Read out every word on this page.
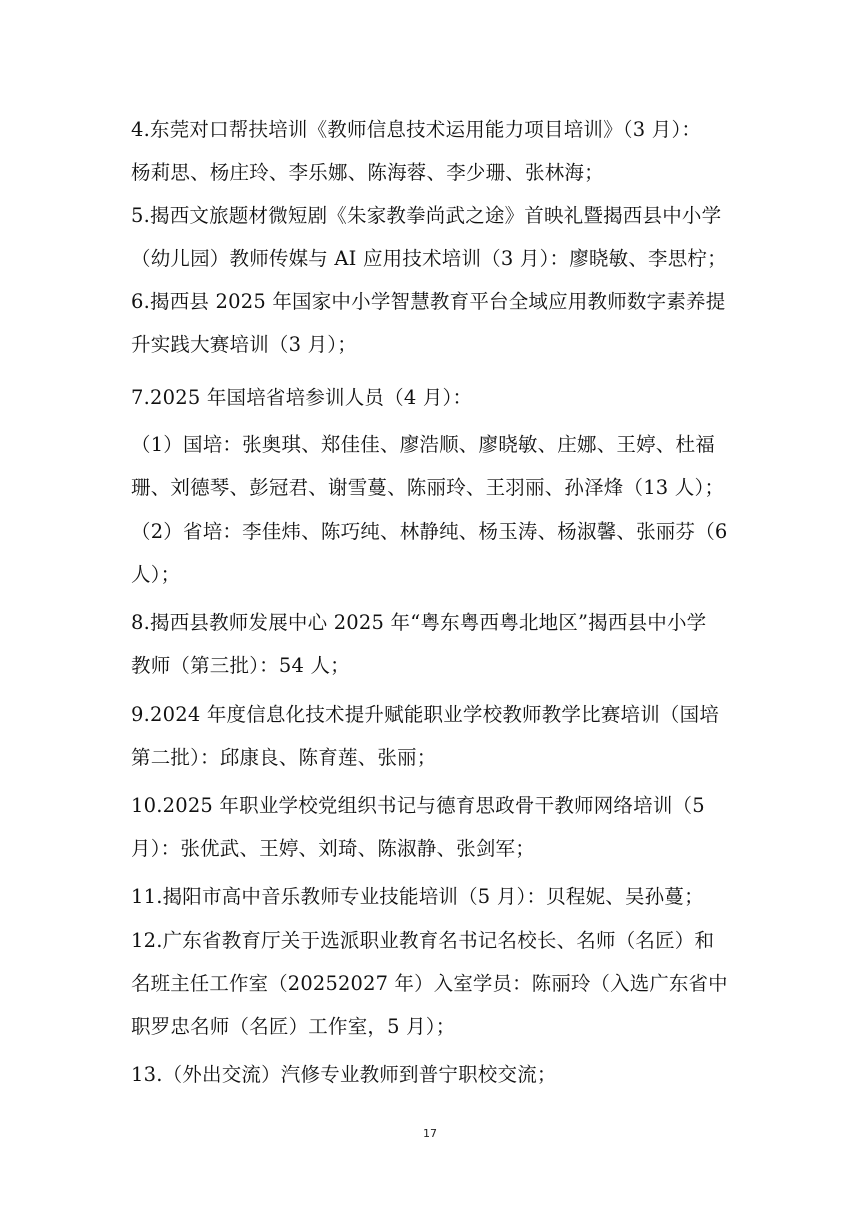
4.东莞对口帮扶培训《教师信息技术运用能力项目培训》（3 月）：
杨莉思、杨庄玲、李乐娜、陈海蓉、李少珊、张林海；
5.揭西文旅题材微短剧《朱家教拳尚武之途》首映礼暨揭西县中小学
（幼儿园）教师传媒与 AI 应用技术培训（3 月）：廖晓敏、李思柠；
6.揭西县 2025 年国家中小学智慧教育平台全域应用教师数字素养提
升实践大赛培训（3 月）；
7.2025 年国培省培参训人员（4 月）：
（1）国培：张奥琪、郑佳佳、廖浩顺、廖晓敏、庄娜、王婷、杜福
珊、刘德琴、彭冠君、谢雪蔓、陈丽玲、王羽丽、孙泽烽（13 人）；
（2）省培：李佳炜、陈巧纯、林静纯、杨玉涛、杨淑馨、张丽芬（6
人）；
8.揭西县教师发展中心 2025 年“粤东粤西粤北地区”揭西县中小学
教师（第三批）：54 人；
9.2024 年度信息化技术提升赋能职业学校教师教学比赛培训（国培
第二批）：邱康良、陈育莲、张丽；
10.2025 年职业学校党组织书记与德育思政骨干教师网络培训（5
月）：张优武、王婷、刘琦、陈淑静、张剑军；
11.揭阳市高中音乐教师专业技能培训（5 月）：贝程妮、吴孙蔓；
12.广东省教育厅关于选派职业教育名书记名校长、名师（名匠）和
名班主任工作室（20252027 年）入室学员：陈丽玲（入选广东省中
职罗忠名师（名匠）工作室，5 月）；
13.（外出交流）汽修专业教师到普宁职校交流；
17
